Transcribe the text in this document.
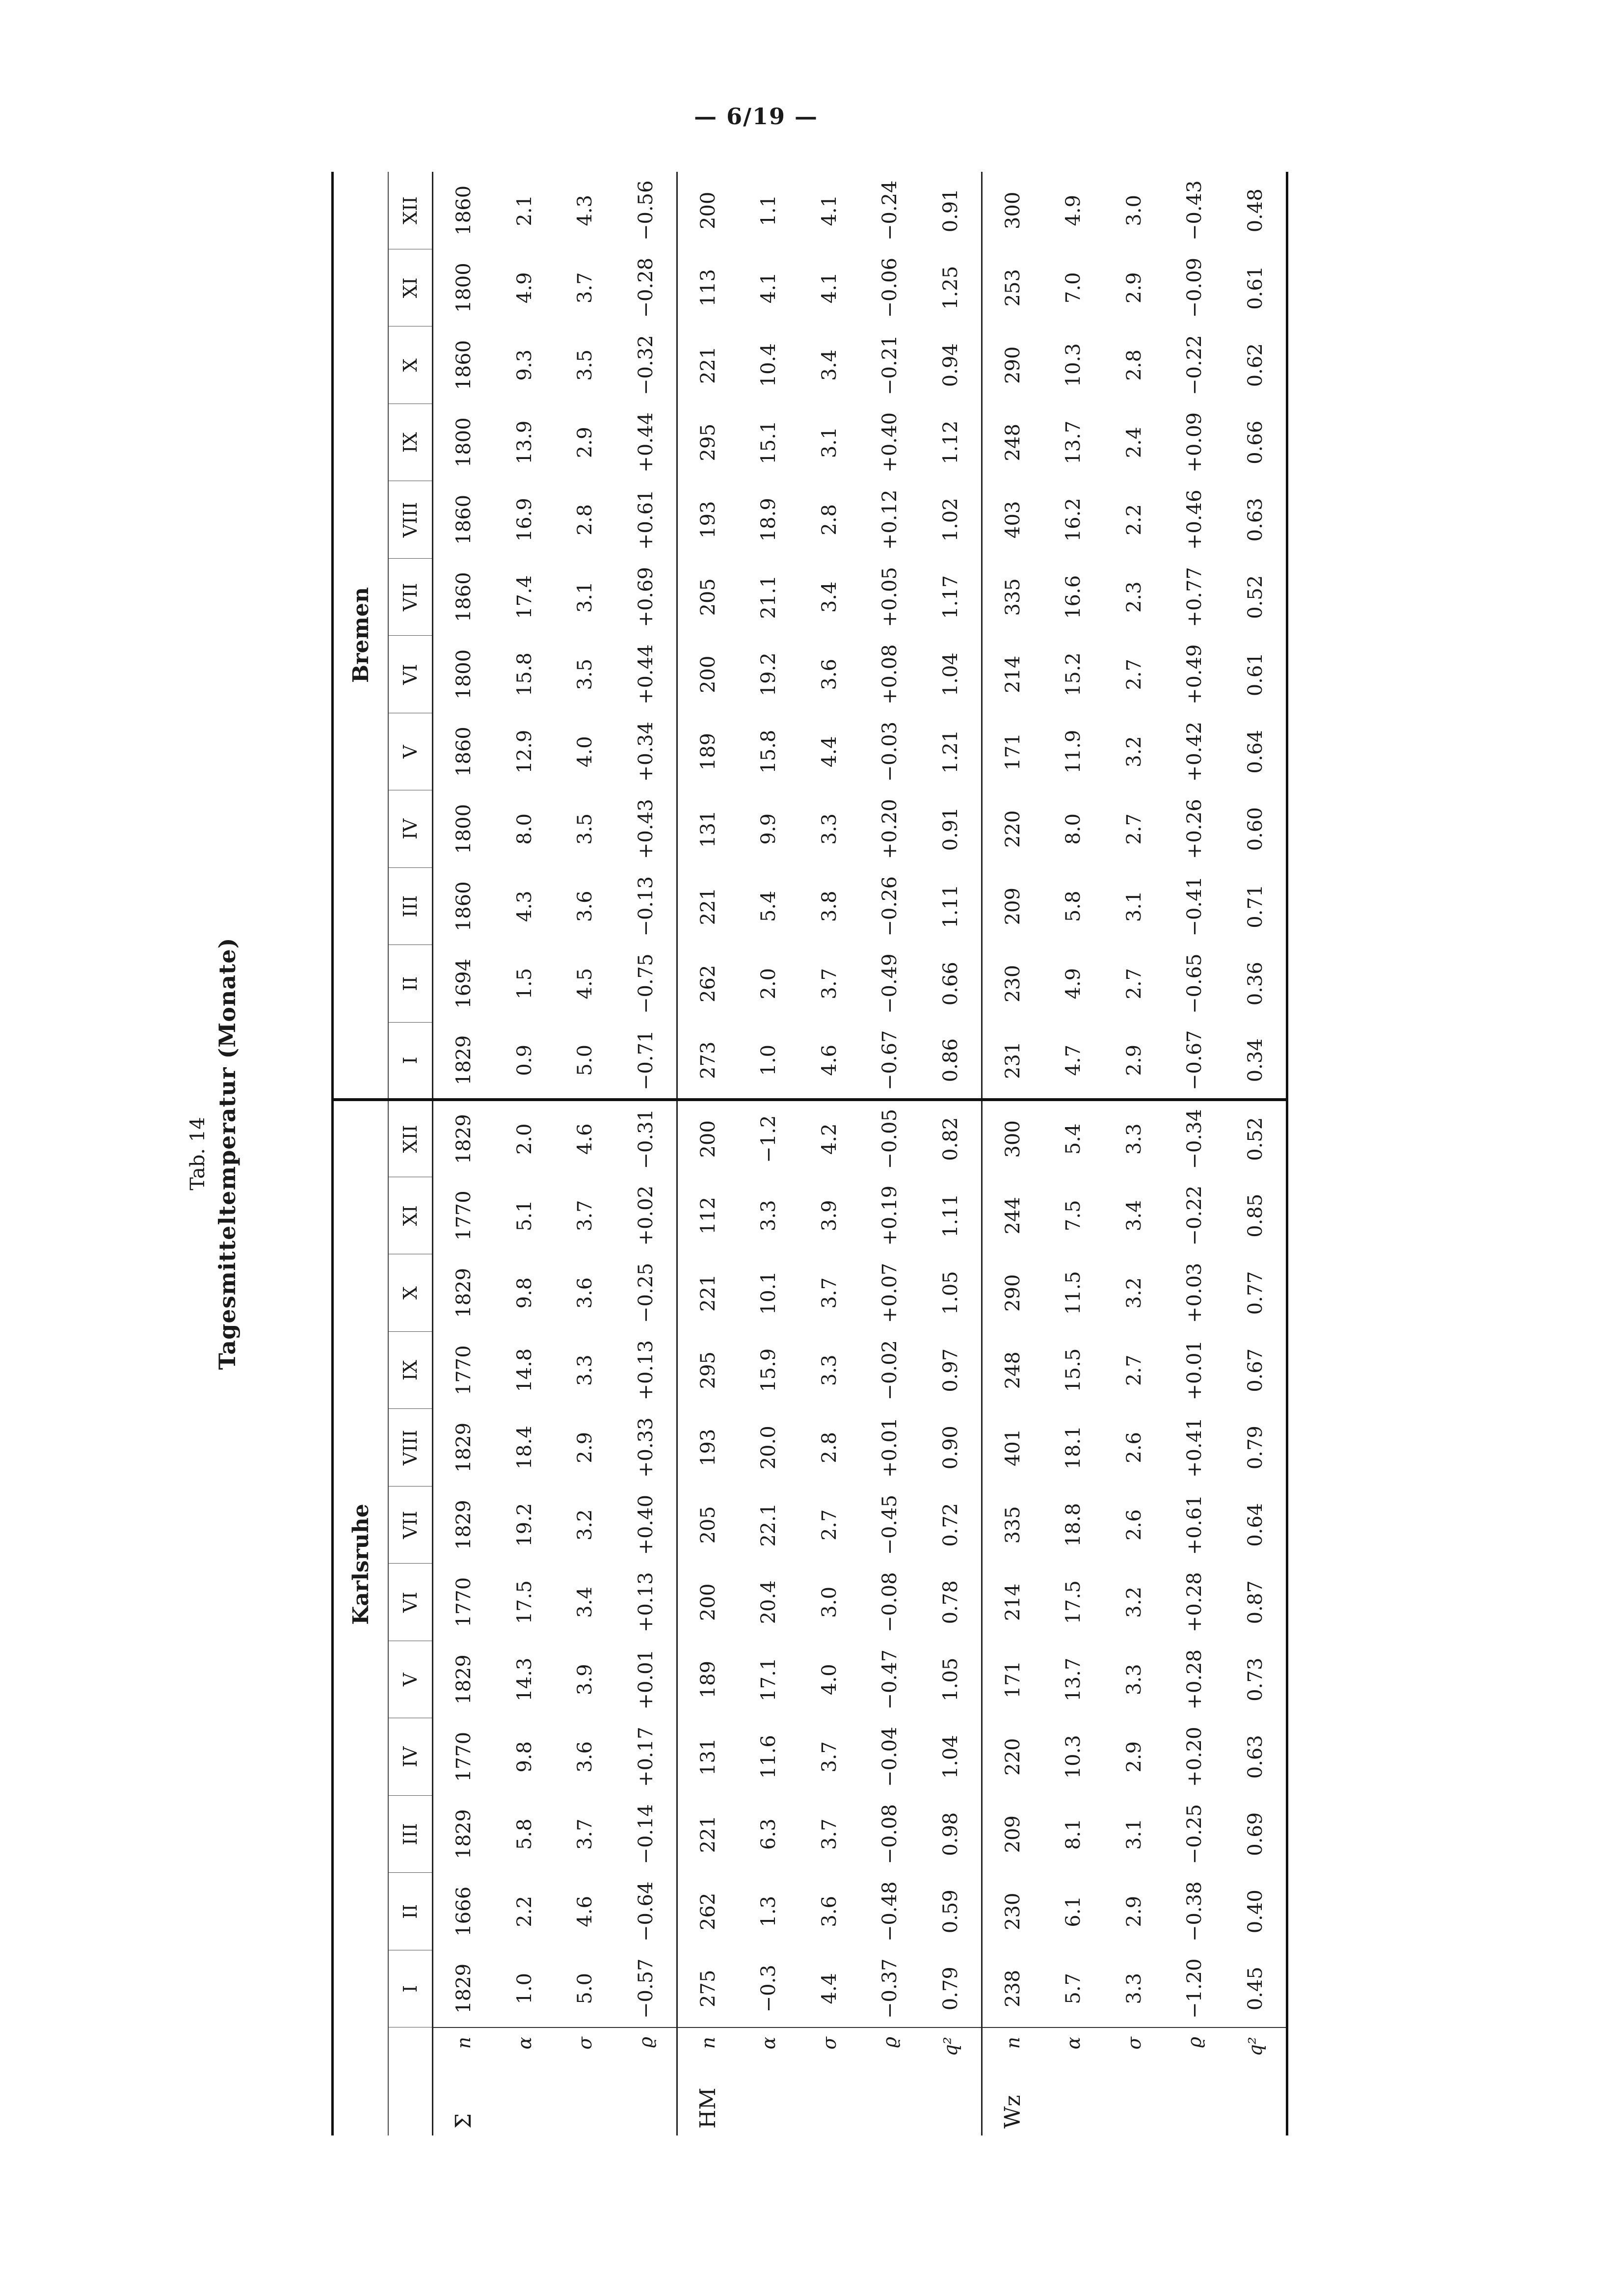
— 6/19 —
Tab. 14 Tagesmitteltemperatur (Monate)
		Karlsruhe												Bremen											
		I	II	III	IV	V	VI	VII	VIII	IX	X	XI	XII	I	II	III	IV	V	VI	VII	VIII	IX	X	XI	XII
Σ	n	1829	1666	1829	1770	1829	1770	1829	1829	1770	1829	1770	1829	1829	1694	1860	1800	1860	1800	1860	1860	1800	1860	1800	1860
	α	1.0	2.2	5.8	9.8	14.3	17.5	19.2	18.4	14.8	9.8	5.1	2.0	0.9	1.5	4.3	8.0	12.9	15.8	17.4	16.9	13.9	9.3	4.9	2.1
	σ	5.0	4.6	3.7	3.6	3.9	3.4	3.2	2.9	3.3	3.6	3.7	4.6	5.0	4.5	3.6	3.5	4.0	3.5	3.1	2.8	2.9	3.5	3.7	4.3
	ϱ	−0.57	−0.64	−0.14	+0.17	+0.01	+0.13	+0.40	+0.33	+0.13	−0.25	+0.02	−0.31	−0.71	−0.75	−0.13	+0.43	+0.34	+0.44	+0.69	+0.61	+0.44	−0.32	−0.28	−0.56
HM	n	275	262	221	131	189	200	205	193	295	221	112	200	273	262	221	131	189	200	205	193	295	221	113	200
	α	−0.3	1.3	6.3	11.6	17.1	20.4	22.1	20.0	15.9	10.1	3.3	−1.2	1.0	2.0	5.4	9.9	15.8	19.2	21.1	18.9	15.1	10.4	4.1	1.1
	σ	4.4	3.6	3.7	3.7	4.0	3.0	2.7	2.8	3.3	3.7	3.9	4.2	4.6	3.7	3.8	3.3	4.4	3.6	3.4	2.8	3.1	3.4	4.1	4.1
	ϱ	−0.37	−0.48	−0.08	−0.04	−0.47	−0.08	−0.45	+0.01	−0.02	+0.07	+0.19	−0.05	−0.67	−0.49	−0.26	+0.20	−0.03	+0.08	+0.05	+0.12	+0.40	−0.21	−0.06	−0.24
	q²	0.79	0.59	0.98	1.04	1.05	0.78	0.72	0.90	0.97	1.05	1.11	0.82	0.86	0.66	1.11	0.91	1.21	1.04	1.17	1.02	1.12	0.94	1.25	0.91
Wz	n	238	230	209	220	171	214	335	401	248	290	244	300	231	230	209	220	171	214	335	403	248	290	253	300
	α	5.7	6.1	8.1	10.3	13.7	17.5	18.8	18.1	15.5	11.5	7.5	5.4	4.7	4.9	5.8	8.0	11.9	15.2	16.6	16.2	13.7	10.3	7.0	4.9
	σ	3.3	2.9	3.1	2.9	3.3	3.2	2.6	2.6	2.7	3.2	3.4	3.3	2.9	2.7	3.1	2.7	3.2	2.7	2.3	2.2	2.4	2.8	2.9	3.0
	ϱ	−1.20	−0.38	−0.25	+0.20	+0.28	+0.28	+0.61	+0.41	+0.01	+0.03	−0.22	−0.34	−0.67	−0.65	−0.41	+0.26	+0.42	+0.49	+0.77	+0.46	+0.09	−0.22	−0.09	−0.43
	q²	0.45	0.40	0.69	0.63	0.73	0.87	0.64	0.79	0.67	0.77	0.85	0.52	0.34	0.36	0.71	0.60	0.64	0.61	0.52	0.63	0.66	0.62	0.61	0.48
